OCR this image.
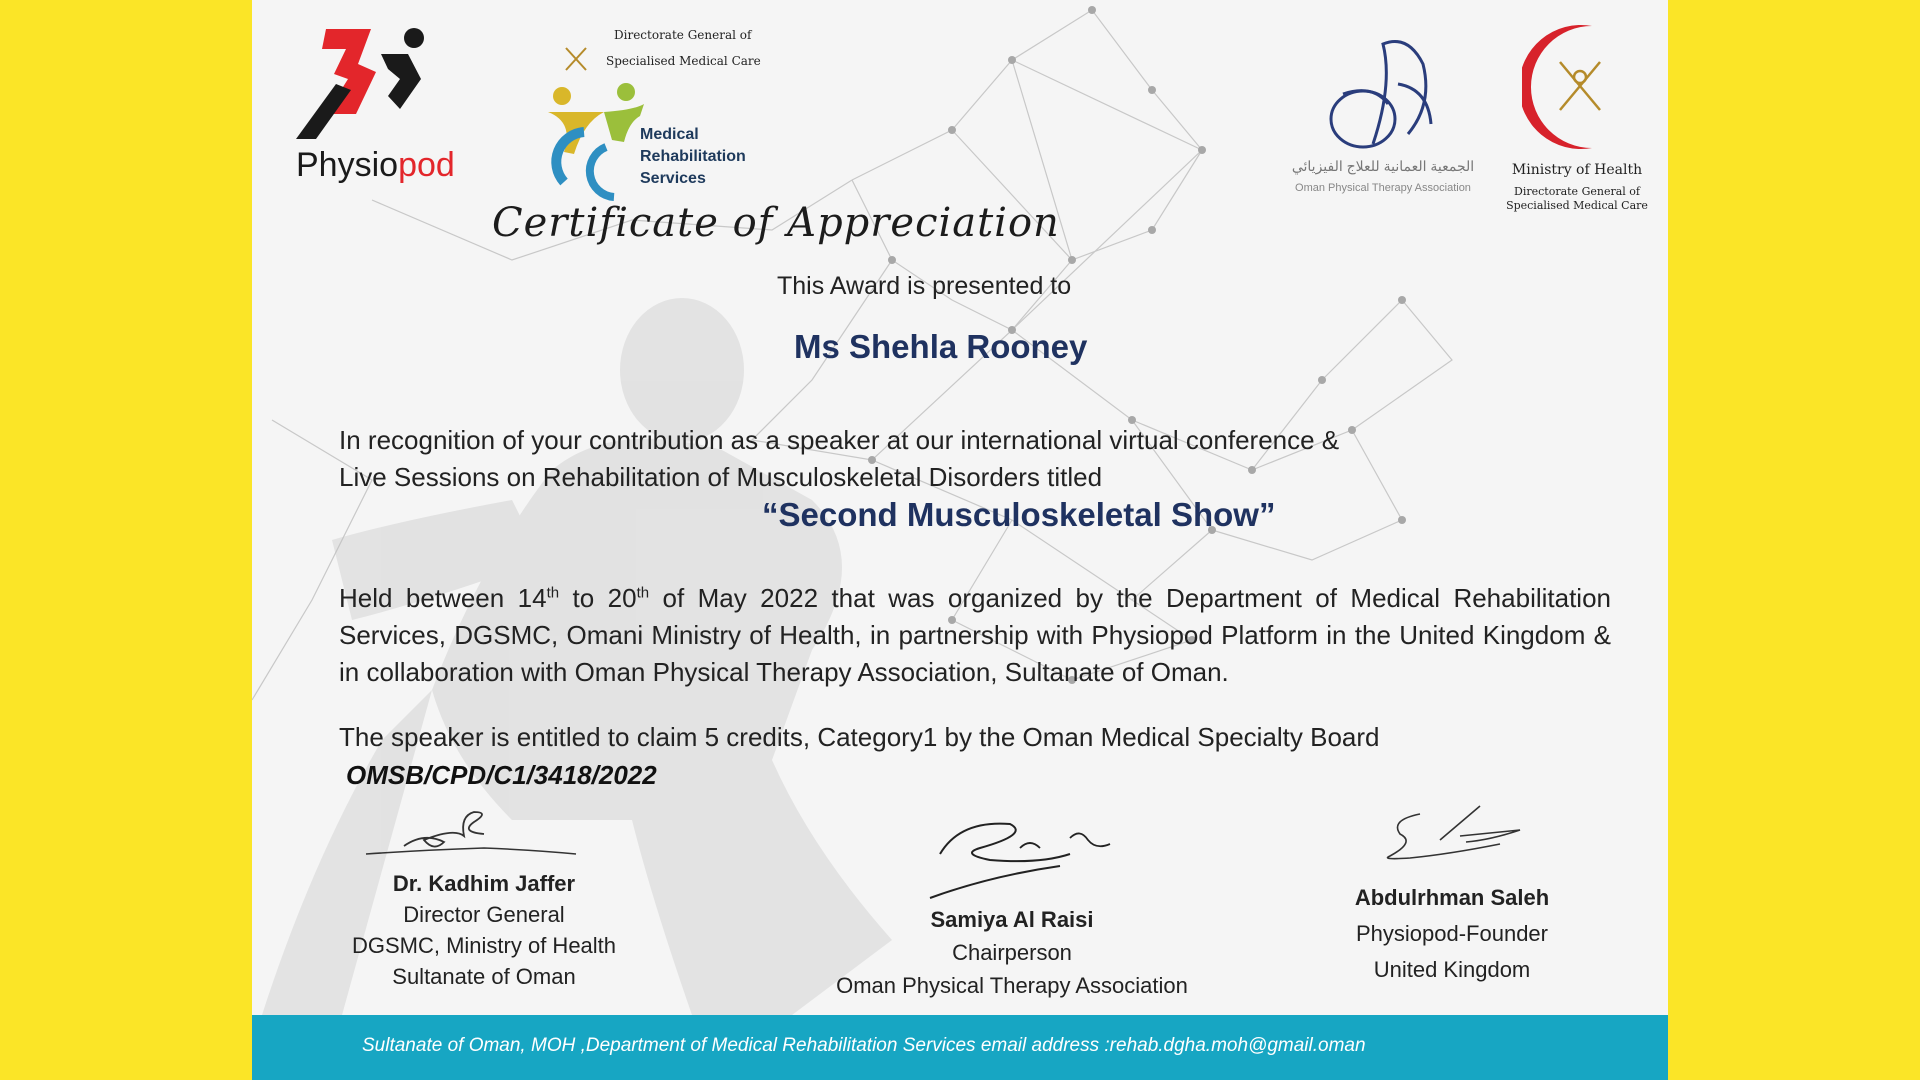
Physiopod
Directorate General of
Specialised Medical Care
Medical
Rehabilitation
Services
الجمعية العمانية للعلاج الفيزيائي
Oman Physical Therapy Association
Ministry of Health
Directorate General of
Specialised Medical Care
Certificate of Appreciation
This Award is presented to
Ms Shehla Rooney
In recognition of your contribution as a speaker at our international virtual conference &
Live Sessions on Rehabilitation of Musculoskeletal Disorders titled
“Second Musculoskeletal Show”
Held between 14th to 20th of May 2022 that was organized by the Department of Medical Rehabilitation Services, DGSMC, Omani Ministry of Health, in partnership with Physiopod Platform in the United Kingdom & in collaboration with Oman Physical Therapy Association, Sultanate of Oman.
The speaker is entitled to claim 5 credits, Category1 by the Oman Medical Specialty Board
OMSB/CPD/C1/3418/2022
Dr. Kadhim Jaffer
Director General
DGSMC, Ministry of Health
Sultanate of Oman
Samiya Al Raisi
Chairperson
Oman Physical Therapy Association
Abdulrhman Saleh
Physiopod-Founder
United Kingdom
Sultanate of Oman, MOH ,Department of Medical Rehabilitation Services email address :rehab.dgha.moh@gmail.oman
